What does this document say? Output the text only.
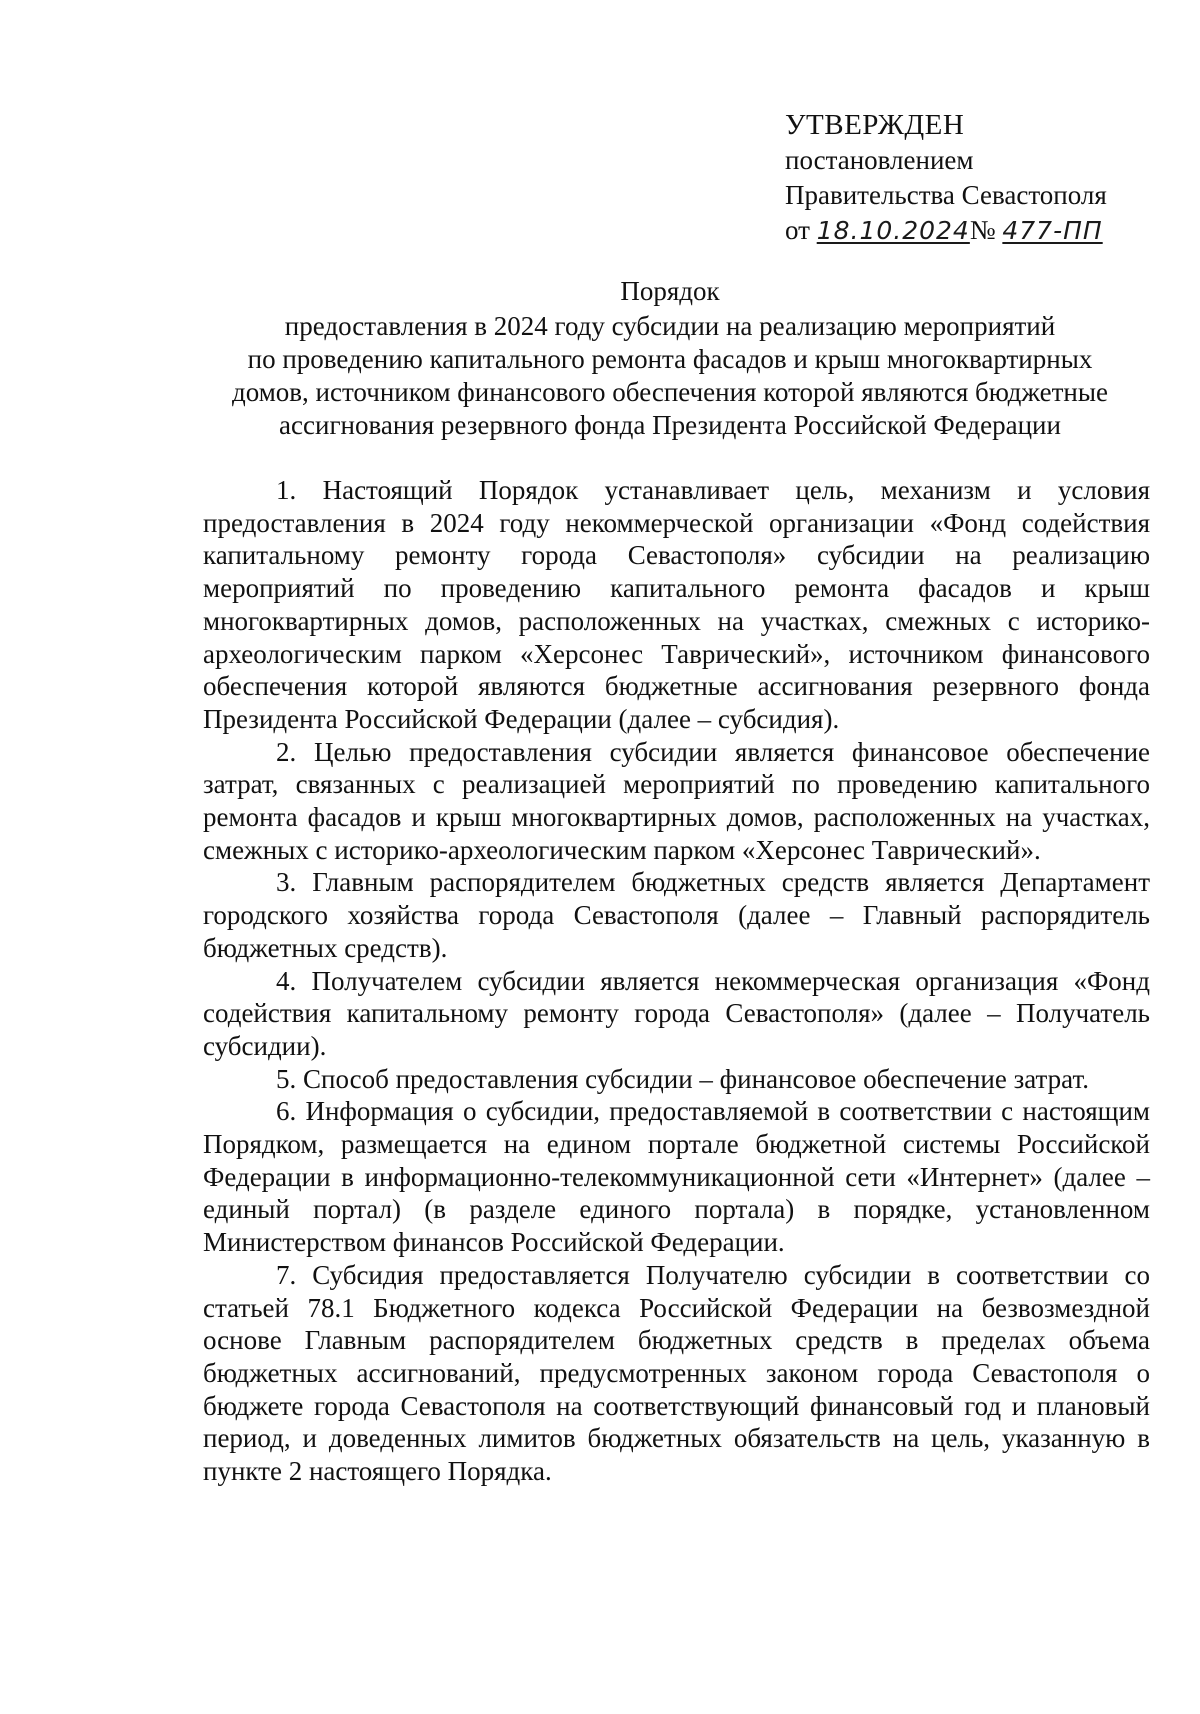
УТВЕРЖДЕН
постановлением
Правительства Севастополя
от 18.10.2024№ 477-ПП
Порядок
предоставления в 2024 году субсидии на реализацию мероприятий
по проведению капитального ремонта фасадов и крыш многоквартирных
домов, источником финансового обеспечения которой являются бюджетные
ассигнования резервного фонда Президента Российской Федерации

1. Настоящий Порядок устанавливает цель, механизм и условия предоставления в 2024 году некоммерческой организации «Фонд содействия капитальному ремонту города Севастополя» субсидии на реализацию мероприятий по проведению капитального ремонта фасадов и крыш многоквартирных домов, расположенных на участках, смежных с историко-археологическим парком «Херсонес Таврический», источником финансового обеспечения которой являются бюджетные ассигнования резервного фонда Президента Российской Федерации (далее – субсидия).

2. Целью предоставления субсидии является финансовое обеспечение затрат, связанных с реализацией мероприятий по проведению капитального ремонта фасадов и крыш многоквартирных домов, расположенных на участках, смежных с историко-археологическим парком «Херсонес Таврический».

3. Главным распорядителем бюджетных средств является Департамент городского хозяйства города Севастополя (далее – Главный распорядитель бюджетных средств).

4. Получателем субсидии является некоммерческая организация «Фонд содействия капитальному ремонту города Севастополя» (далее – Получатель субсидии).

5. Способ предоставления субсидии – финансовое обеспечение затрат.

6. Информация о субсидии, предоставляемой в соответствии с настоящим Порядком, размещается на едином портале бюджетной системы Российской Федерации в информационно-телекоммуникационной сети «Интернет» (далее – единый портал) (в разделе единого портала) в порядке, установленном Министерством финансов Российской Федерации.

7. Субсидия предоставляется Получателю субсидии в соответствии со статьей 78.1 Бюджетного кодекса Российской Федерации на безвозмездной основе Главным распорядителем бюджетных средств в пределах объема бюджетных ассигнований, предусмотренных законом города Севастополя о бюджете города Севастополя на соответствующий финансовый год и плановый период, и доведенных лимитов бюджетных обязательств на цель, указанную в пункте 2 настоящего Порядка.
